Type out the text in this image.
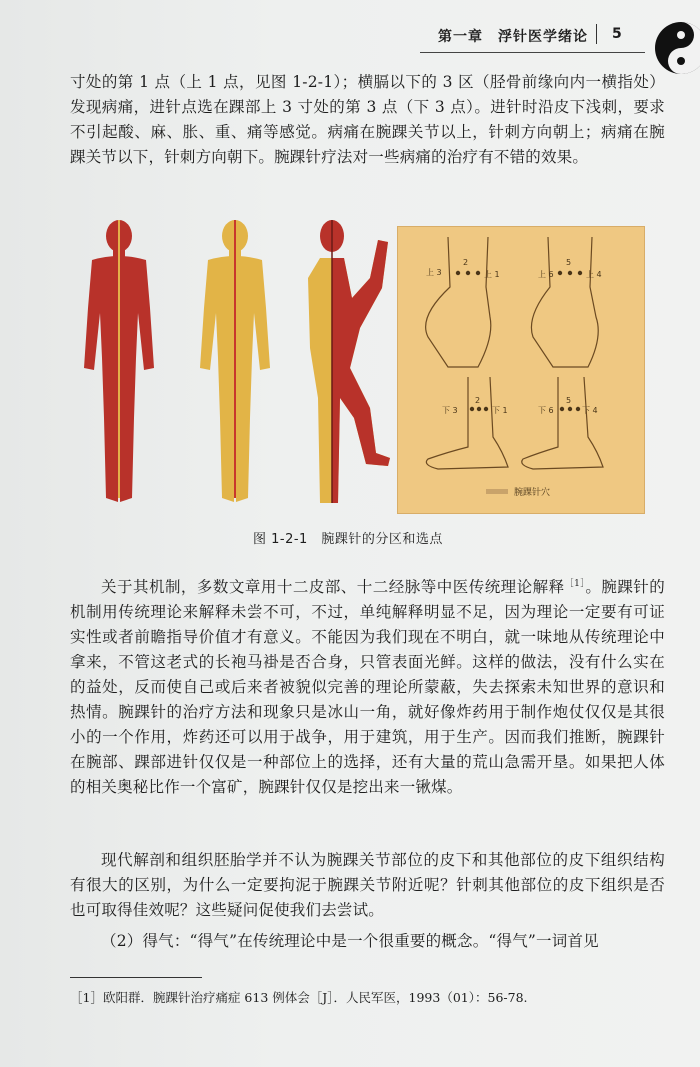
第一章　浮针医学绪论 5
寸处的第 1 点（上 1 点，见图 1-2-1）；横膈以下的 3 区（胫骨前缘向内一横指处）发现病痛，进针点选在踝部上 3 寸处的第 3 点（下 3 点）。进针时沿皮下浅刺，要求不引起酸、麻、胀、重、痛等感觉。病痛在腕踝关节以上，针刺方向朝上；病痛在腕踝关节以下，针刺方向朝下。腕踝针疗法对一些病痛的治疗有不错的效果。
上 3
2
上 1	上 6
5
上 4
下 3
2
下 1	下 6
5
下 4
腕踝针穴
图 1-2-1　腕踝针的分区和选点
关于其机制，多数文章用十二皮部、十二经脉等中医传统理论解释$^{[1]}$。腕踝针的机制用传统理论来解释未尝不可，不过，单纯解释明显不足，因为理论一定要有可证实性或者前瞻指导价值才有意义。不能因为我们现在不明白，就一味地从传统理论中拿来，不管这老式的长袍马褂是否合身，只管表面光鲜。这样的做法，没有什么实在的益处，反而使自己或后来者被貌似完善的理论所蒙蔽，失去探索未知世界的意识和热情。腕踝针的治疗方法和现象只是冰山一角，就好像炸药用于制作炮仗仅仅是其很小的一个作用，炸药还可以用于战争，用于建筑，用于生产。因而我们推断，腕踝针在腕部、踝部进针仅仅是一种部位上的选择，还有大量的荒山急需开垦。如果把人体的相关奥秘比作一个富矿，腕踝针仅仅是挖出来一锹煤。
现代解剖和组织胚胎学并不认为腕踝关节部位的皮下和其他部位的皮下组织结构有很大的区别，为什么一定要拘泥于腕踝关节附近呢？针刺其他部位的皮下组织是否也可取得佳效呢？这些疑问促使我们去尝试。
（2）得气：“得气”在传统理论中是一个很重要的概念。“得气”一词首见
［1］欧阳群．腕踝针治疗痛症 613 例体会［J］．人民军医，1993（01）：56-78.
